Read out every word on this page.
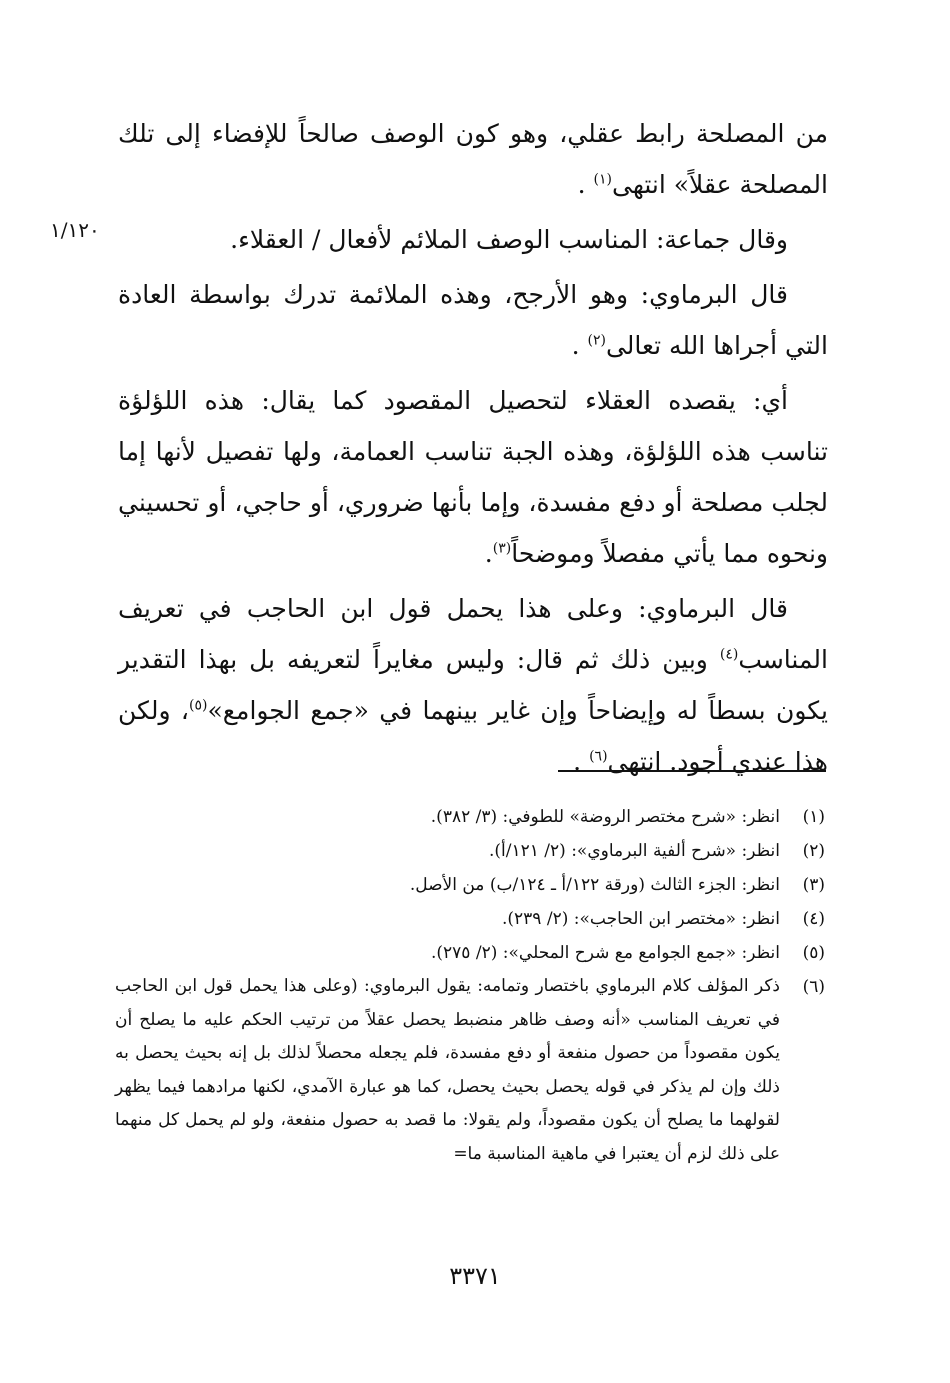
١/١٢٠

من المصلحة رابط عقلي، وهو كون الوصف صالحاً للإفضاء إلى تلك المصلحة عقلاً» انتهى$^{(١)}$ .

وقال جماعة: المناسب الوصف الملائم لأفعال / العقلاء.

قال البرماوي: وهو الأرجح، وهذه الملائمة تدرك بواسطة العادة التي أجراها الله تعالى$^{(٢)}$ .

أي: يقصده العقلاء لتحصيل المقصود كما يقال: هذه اللؤلؤة تناسب هذه اللؤلؤة، وهذه الجبة تناسب العمامة، ولها تفصيل لأنها إما لجلب مصلحة أو دفع مفسدة، وإما بأنها ضروري، أو حاجي، أو تحسيني ونحوه مما يأتي مفصلاً وموضحاً$^{(٣)}$.

قال البرماوي: وعلى هذا يحمل قول ابن الحاجب في تعريف المناسب$^{(٤)}$ وبين ذلك ثم قال: وليس مغايراً لتعريفه بل بهذا التقدير يكون بسطاً له وإيضاحاً وإن غاير بينهما في «جمع الجوامع»$^{(٥)}$، ولكن هذا عندي أجود. انتهى$^{(٦)}$ .

(١)
انظر: «شرح مختصر الروضة» للطوفي: (٣/ ٣٨٢).
(٢)
انظر: «شرح ألفية البرماوي»: (٢/ ١٢١/أ).
(٣)
انظر: الجزء الثالث (ورقة ١٢٢/أ ـ ١٢٤/ب) من الأصل.
(٤)
انظر: «مختصر ابن الحاجب»: (٢/ ٢٣٩).
(٥)
انظر: «جمع الجوامع مع شرح المحلي»: (٢/ ٢٧٥).
(٦)
ذكر المؤلف كلام البرماوي باختصار وتمامه: يقول البرماوي: (وعلى هذا يحمل قول ابن الحاجب في تعريف المناسب «أنه وصف ظاهر منضبط يحصل عقلاً من ترتيب الحكم عليه ما يصلح أن يكون مقصوداً من حصول منفعة أو دفع مفسدة، فلم يجعله محصلاً لذلك بل إنه بحيث يحصل به ذلك وإن لم يذكر في قوله يحصل بحيث يحصل، كما هو عبارة الآمدي، لكنها مرادهما فيما يظهر لقولهما ما يصلح أن يكون مقصوداً، ولم يقولا: ما قصد به حصول منفعة، ولو لم يحمل كل منهما على ذلك لزم أن يعتبرا في ماهية المناسبة ما=
٣٣٧١
